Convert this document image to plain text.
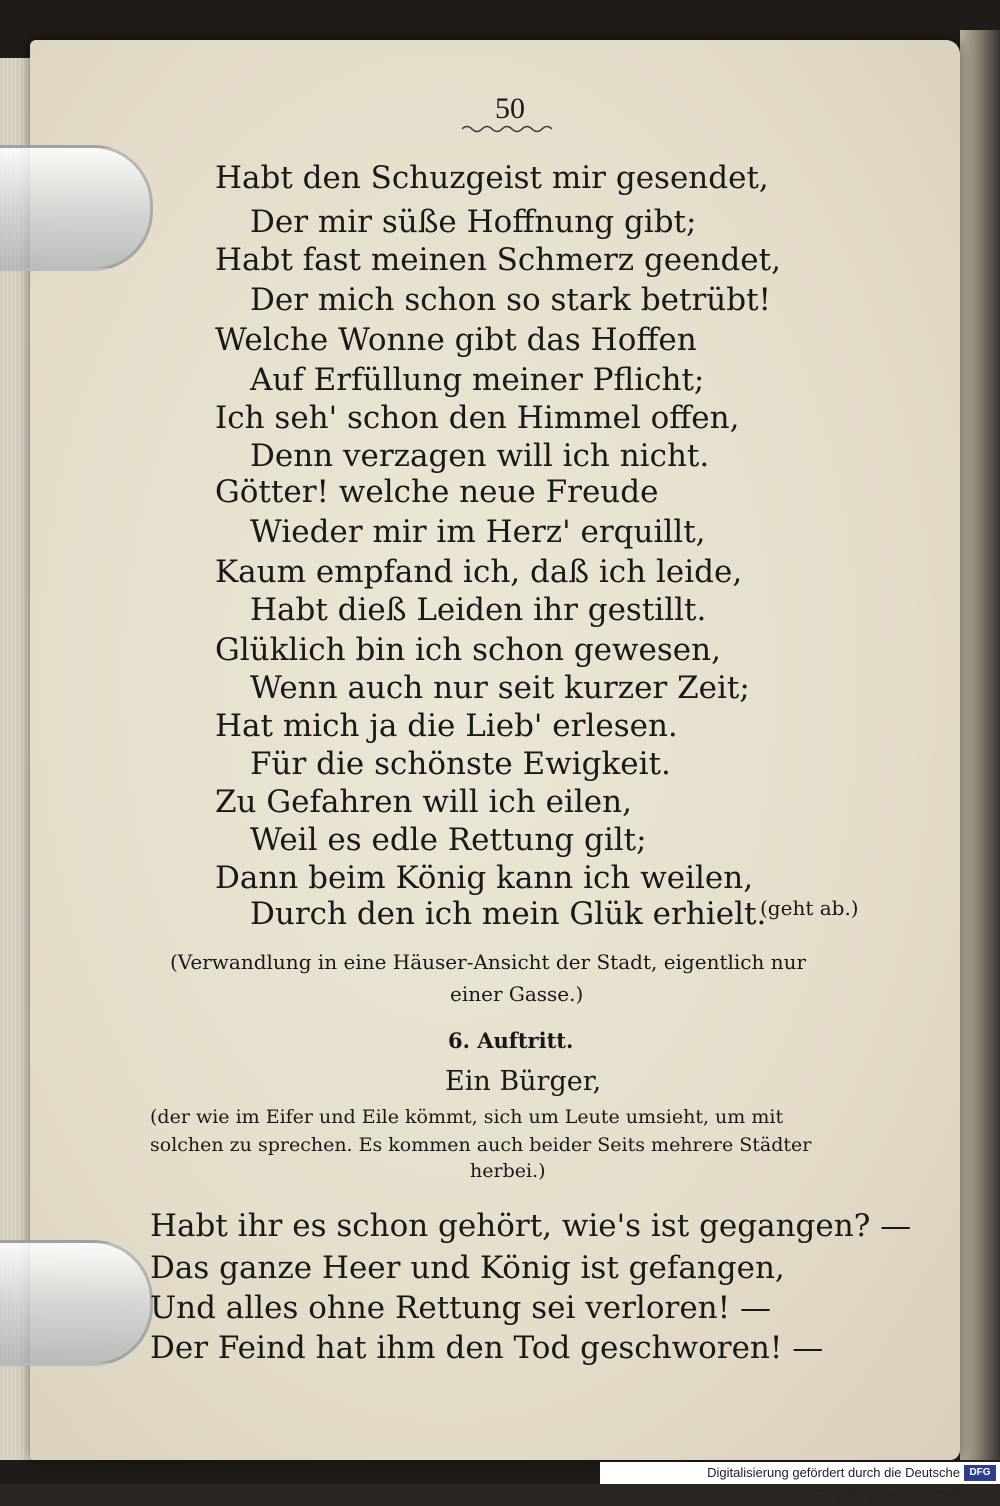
50
Habt den Schuzgeist mir gesendet,
Der mir süße Hoffnung gibt;
Habt fast meinen Schmerz geendet,
Der mich schon so stark betrübt!
Welche Wonne gibt das Hoffen
Auf Erfüllung meiner Pflicht;
Ich seh' schon den Himmel offen,
Denn verzagen will ich nicht.
Götter! welche neue Freude
Wieder mir im Herz' erquillt,
Kaum empfand ich, daß ich leide,
Habt dieß Leiden ihr gestillt.
Glüklich bin ich schon gewesen,
Wenn auch nur seit kurzer Zeit;
Hat mich ja die Lieb' erlesen.
Für die schönste Ewigkeit.
Zu Gefahren will ich eilen,
Weil es edle Rettung gilt;
Dann beim König kann ich weilen,
Durch den ich mein Glük erhielt.
(geht ab.)
(Verwandlung in eine Häuser-Ansicht der Stadt, eigentlich nur
einer Gasse.)
6. Auftritt.
Ein Bürger,
(der wie im Eifer und Eile kömmt, sich um Leute umsieht, um mit
solchen zu sprechen. Es kommen auch beider Seits mehrere Städter
herbei.)
Habt ihr es schon gehört, wie's ist gegangen? —
Das ganze Heer und König ist gefangen,
Und alles ohne Rettung sei verloren! —
Der Feind hat ihm den Tod geschworen! —
Digitalisierung gefördert durch die Deutsche Forschungsgemeinschaft
DFG
